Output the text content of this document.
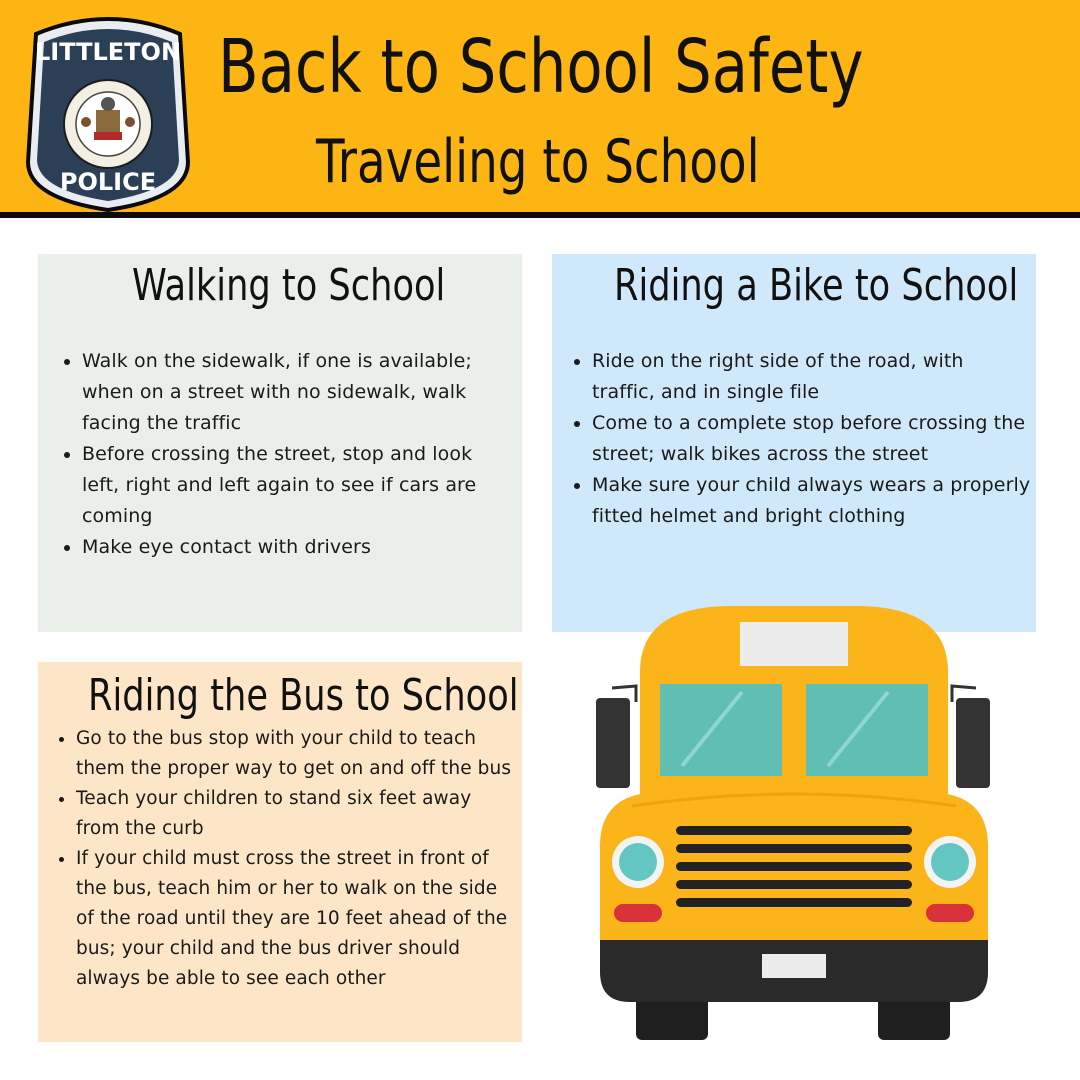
LITTLETON
POLICE
Back to School Safety
Traveling to School
Walking to School
• Walk on the sidewalk, if one is available; when on a street with no sidewalk, walk facing the traffic
• Before crossing the street, stop and look left, right and left again to see if cars are coming
• Make eye contact with drivers
Riding a Bike to School
• Ride on the right side of the road, with traffic, and in single file
• Come to a complete stop before crossing the street; walk bikes across the street
• Make sure your child always wears a properly fitted helmet and bright clothing
Riding the Bus to School
• Go to the bus stop with your child to teach them the proper way to get on and off the bus
• Teach your children to stand six feet away from the curb
• If your child must cross the street in front of the bus, teach him or her to walk on the side of the road until they are 10 feet ahead of the bus; your child and the bus driver should always be able to see each other
